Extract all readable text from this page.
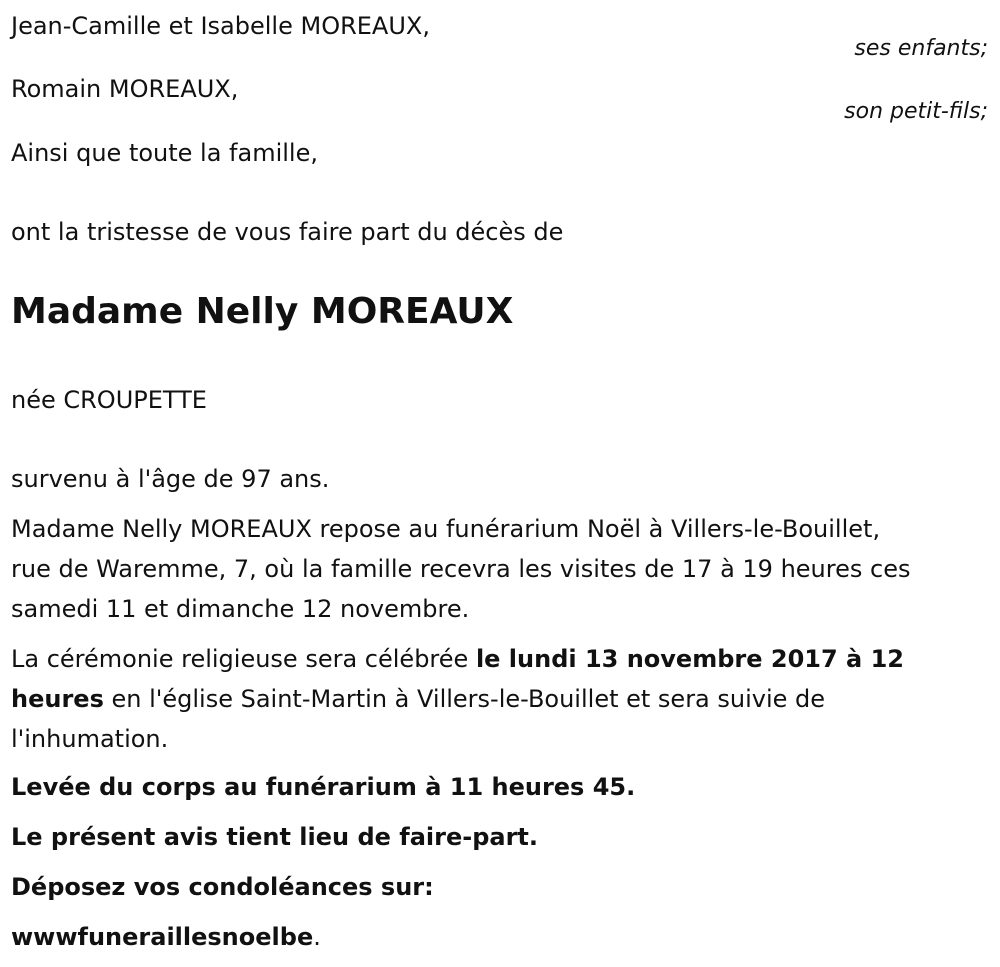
Jean-Camille et Isabelle MOREAUX,
ses enfants;
Romain MOREAUX,
son petit-fils;
Ainsi que toute la famille,
ont la tristesse de vous faire part du décès de
Madame Nelly MOREAUX
née CROUPETTE
survenu à l'âge de 97 ans.
Madame Nelly MOREAUX repose au funérarium Noël à Villers-le-Bouillet,
rue de Waremme, 7, où la famille recevra les visites de 17 à 19 heures ces
samedi 11 et dimanche 12 novembre.
La cérémonie religieuse sera célébrée le lundi 13 novembre 2017 à 12
heures en l'église Saint-Martin à Villers-le-Bouillet et sera suivie de
l'inhumation.
Levée du corps au funérarium à 11 heures 45.
Le présent avis tient lieu de faire-part.
Déposez vos condoléances sur:
wwwfuneraillesnoelbe.
